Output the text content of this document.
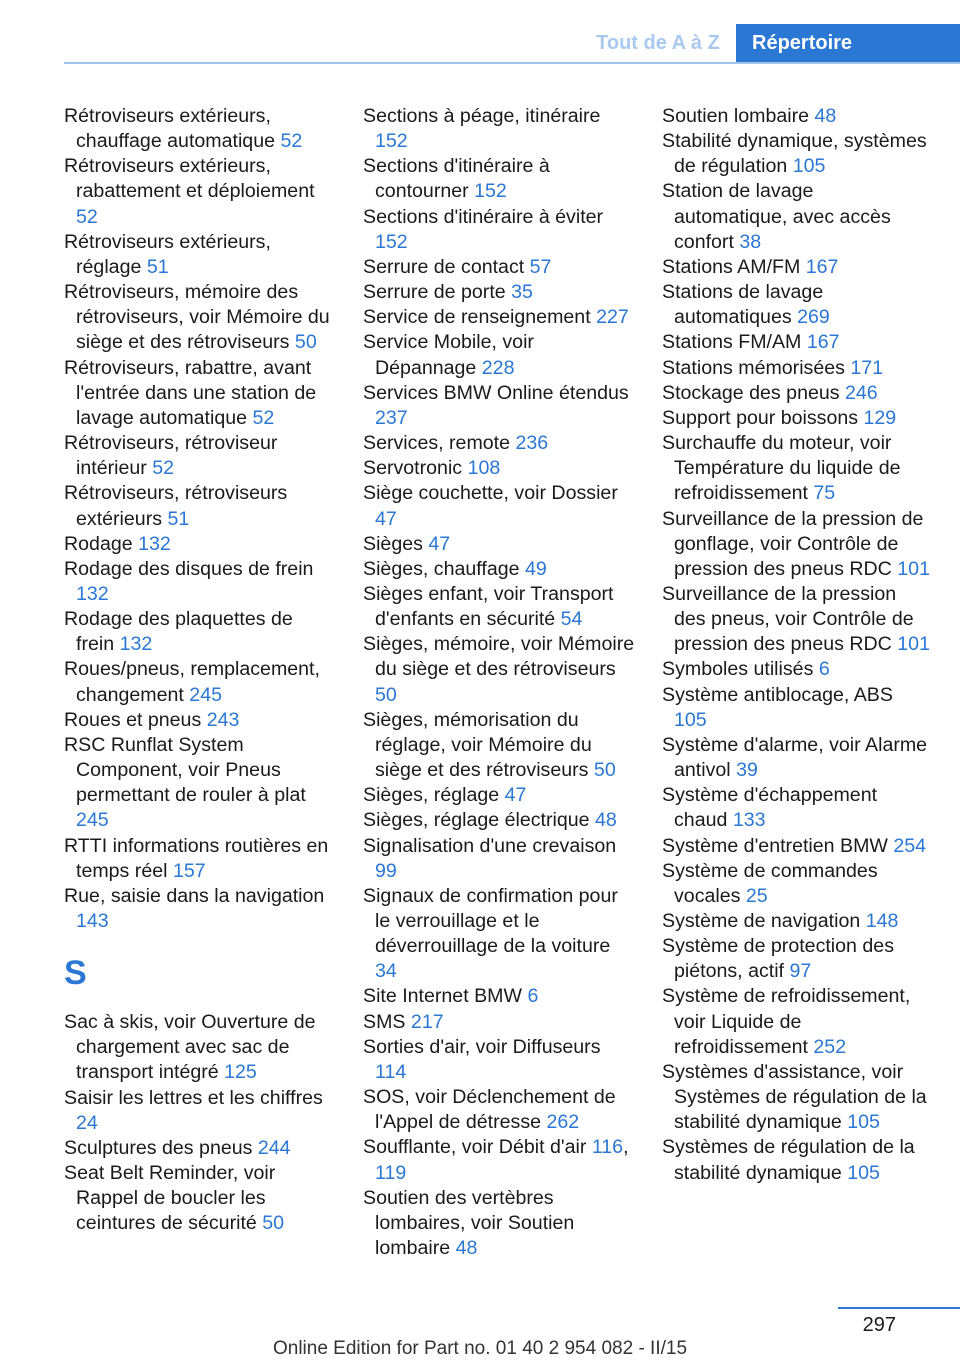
Tout de A à Z	Répertoire
Rétroviseurs extérieurs, chauffage automatique 52
Rétroviseurs extérieurs, rabattement et déploiement 52
Rétroviseurs extérieurs, réglage 51
Rétroviseurs, mémoire des rétroviseurs, voir Mémoire du siège et des rétroviseurs 50
Rétroviseurs, rabattre, avant l'entrée dans une station de lavage automatique 52
Rétroviseurs, rétroviseur intérieur 52
Rétroviseurs, rétroviseurs extérieurs 51
Rodage 132
Rodage des disques de frein 132
Rodage des plaquettes de frein 132
Roues/pneus, remplacement, changement 245
Roues et pneus 243
RSC Runflat System Component, voir Pneus permettant de rouler à plat 245
RTTI informations routières en temps réel 157
Rue, saisie dans la navigation 143
S
Sac à skis, voir Ouverture de chargement avec sac de transport intégré 125
Saisir les lettres et les chiffres 24
Sculptures des pneus 244
Seat Belt Reminder, voir Rappel de boucler les ceintures de sécurité 50
Sections à péage, itinéraire 152
Sections d'itinéraire à contourner 152
Sections d'itinéraire à éviter 152
Serrure de contact 57
Serrure de porte 35
Service de renseignement 227
Service Mobile, voir Dépannage 228
Services BMW Online étendus 237
Services, remote 236
Servotronic 108
Siège couchette, voir Dossier 47
Sièges 47
Sièges, chauffage 49
Sièges enfant, voir Transport d'enfants en sécurité 54
Sièges, mémoire, voir Mémoire du siège et des rétroviseurs 50
Sièges, mémorisation du réglage, voir Mémoire du siège et des rétroviseurs 50
Sièges, réglage 47
Sièges, réglage électrique 48
Signalisation d'une crevaison 99
Signaux de confirmation pour le verrouillage et le déverrouillage de la voiture 34
Site Internet BMW 6
SMS 217
Sorties d'air, voir Diffuseurs 114
SOS, voir Déclenchement de l'Appel de détresse 262
Soufflante, voir Débit d'air 116, 119
Soutien des vertèbres lombaires, voir Soutien lombaire 48
Soutien lombaire 48
Stabilité dynamique, systèmes de régulation 105
Station de lavage automatique, avec accès confort 38
Stations AM/FM 167
Stations de lavage automatiques 269
Stations FM/AM 167
Stations mémorisées 171
Stockage des pneus 246
Support pour boissons 129
Surchauffe du moteur, voir Température du liquide de refroidissement 75
Surveillance de la pression de gonflage, voir Contrôle de pression des pneus RDC 101
Surveillance de la pression des pneus, voir Contrôle de pression des pneus RDC 101
Symboles utilisés 6
Système antiblocage, ABS 105
Système d'alarme, voir Alarme antivol 39
Système d'échappement chaud 133
Système d'entretien BMW 254
Système de commandes vocales 25
Système de navigation 148
Système de protection des piétons, actif 97
Système de refroidissement, voir Liquide de refroidissement 252
Systèmes d'assistance, voir Systèmes de régulation de la stabilité dynamique 105
Systèmes de régulation de la stabilité dynamique 105
297
Online Edition for Part no. 01 40 2 954 082 - II/15
